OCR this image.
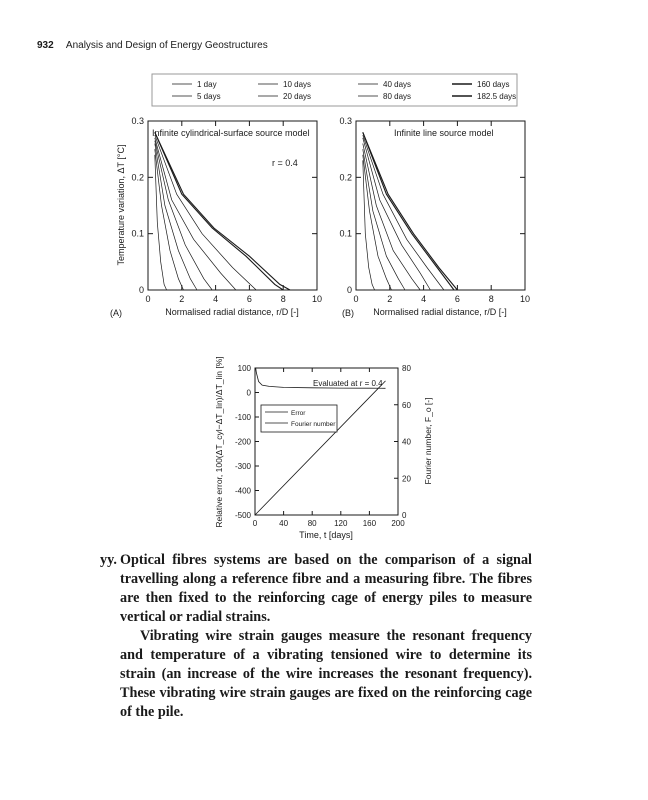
932 Analysis and Design of Energy Geostructures
1 day
5 days
10 days
20 days
40 days
80 days
160 days
182.5 days
0	2	4	6	8	10
0
0.1
0.2
0.3
Infinite cylindrical-surface source model
r = 0.4
Normalised radial distance, r/D [-]
Temperature variation, ΔT [°C]
(A)
0	2	4	6	8	10
0
0.1
0.2
0.3
Infinite line source model
Normalised radial distance, r/D [-]
(B)
0	40 80 120 160 200
-500
-400
-300
-200
-100
0
100
0
20
40
60
80
Evaluated at r = 0.4
Error
Fourier number
Time, t [days]
Relative error, 100(ΔT_cyl−ΔT_lin)/ΔT_lin [%]	Fourier number, F_o [-]

yy. Optical fibres systems are based on the comparison of a signal travelling along a reference fibre and a measuring fibre. The fibres are then fixed to the reinforcing cage of energy piles to measure vertical or radial strains.

Vibrating wire strain gauges measure the resonant frequency and temperature of a vibrating tensioned wire to determine its strain (an increase of the wire increases the resonant frequency). These vibrating wire strain gauges are fixed on the reinforcing cage of the pile.
